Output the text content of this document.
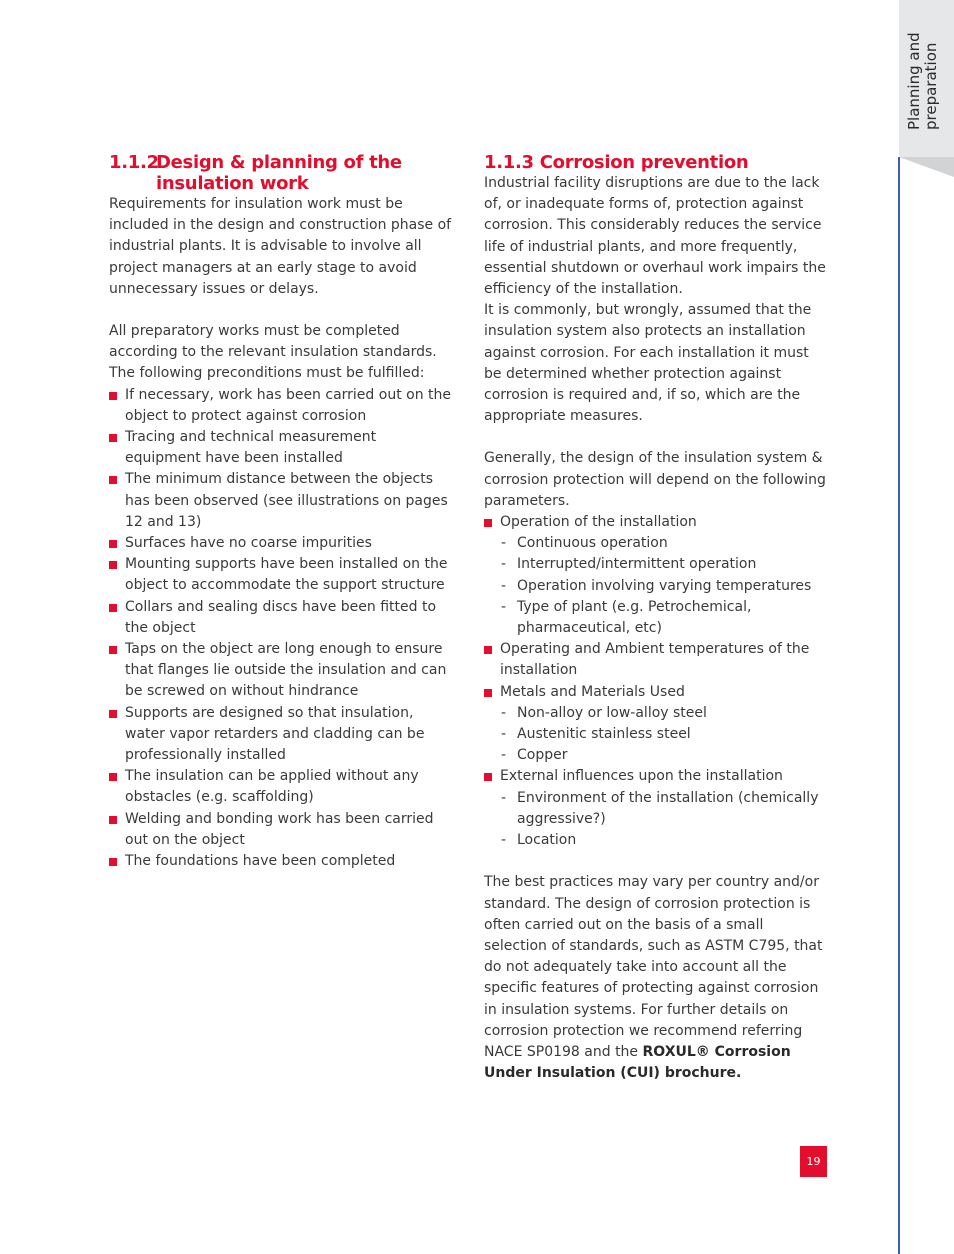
Planning and
preparation
1.1.2Design & planning of the
insulation work

Requirements for insulation work must be included in the design and construction phase of industrial plants. It is advisable to involve all project managers at an early stage to avoid unnecessary issues or delays.

All preparatory works must be completed according to the relevant insulation standards. The following preconditions must be fulfilled:

If necessary, work has been carried out on the object to protect against corrosion
Tracing and technical measurement equipment have been installed
The minimum distance between the objects has been observed (see illustrations on pages 12 and 13)
Surfaces have no coarse impurities
Mounting supports have been installed on the object to accommodate the support structure
Collars and sealing discs have been fitted to the object
Taps on the object are long enough to ensure that flanges lie outside the insulation and can be screwed on without hindrance
Supports are designed so that insulation, water vapor retarders and cladding can be professionally installed
The insulation can be applied without any obstacles (e.g. scaffolding)
Welding and bonding work has been carried out on the object
The foundations have been completed
1.1.3 Corrosion prevention

Industrial facility disruptions are due to the lack of, or inadequate forms of, protection against corrosion. This considerably reduces the service life of industrial plants, and more frequently, essential shutdown or overhaul work impairs the efficiency of the installation.

It is commonly, but wrongly, assumed that the insulation system also protects an installation against corrosion. For each installation it must be determined whether protection against corrosion is required and, if so, which are the appropriate measures.

Generally, the design of the insulation system & corrosion protection will depend on the following parameters.

Operation of the installation
- Continuous operation
- Interrupted/intermittent operation
- Operation involving varying temperatures
- Type of plant (e.g. Petrochemical, pharmaceutical, etc)
Operating and Ambient temperatures of the installation
Metals and Materials Used
- Non-alloy or low-alloy steel
- Austenitic stainless steel
- Copper
External influences upon the installation
- Environment of the installation (chemically aggressive?)
- Location

The best practices may vary per country and/or standard. The design of corrosion protection is often carried out on the basis of a small selection of standards, such as ASTM C795, that do not adequately take into account all the specific features of protecting against corrosion in insulation systems. For further details on corrosion protection we recommend referring NACE SP0198 and the ROXUL® Corrosion Under Insulation (CUI) brochure.

19
